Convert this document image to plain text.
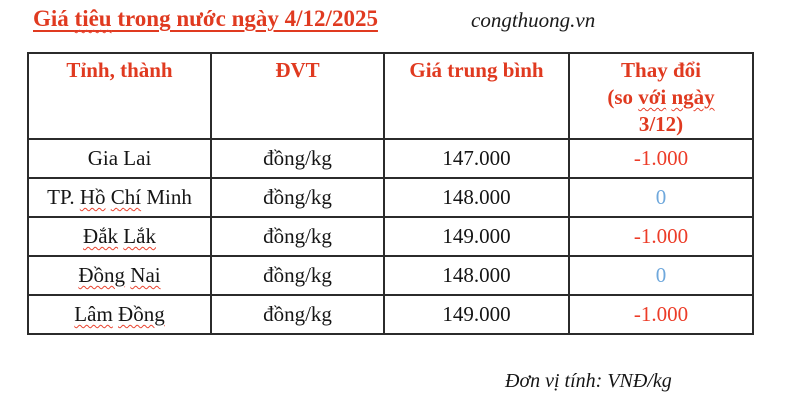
Giá tiêu trong nước ngày 4/12/2025	congthuong.vn
Tỉnh, thành	ĐVT	Giá trung bình	Thay đổi
(so với ngày
3/12)

Gia Lai	đồng/kg	147.000	-1.000
TP. Hồ Chí Minh	đồng/kg	148.000	0
Đắk Lắk	đồng/kg	149.000	-1.000
Đồng Nai	đồng/kg	148.000	0
Lâm Đồng	đồng/kg	149.000	-1.000
Đơn vị tính: VNĐ/kg
